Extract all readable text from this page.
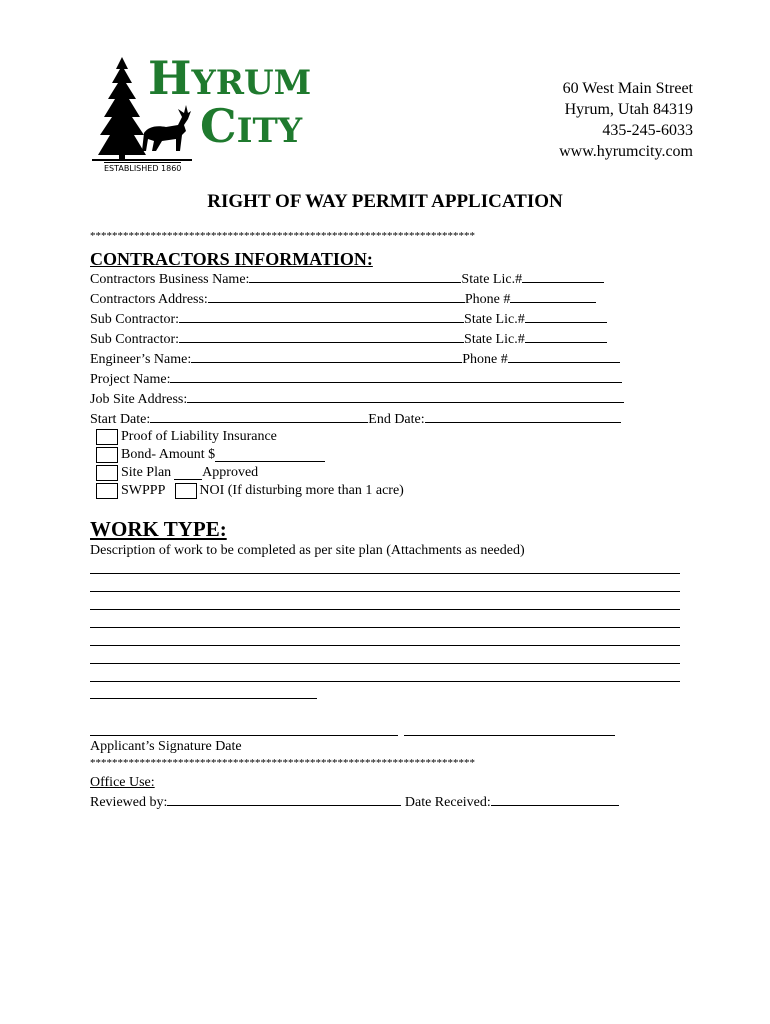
HYRUM
CITY
ESTABLISHED 1860
60 West Main Street
Hyrum, Utah 84319
435-245-6033
www.hyrumcity.com
RIGHT OF WAY PERMIT APPLICATION
**********************************************************************
CONTRACTORS INFORMATION:
Contractors Business Name:	State Lic.#
Contractors Address:	Phone #
Sub Contractor:	State Lic.#
Sub Contractor:	State Lic.#
Engineer’s Name:	Phone #
Project Name:
Job Site Address:
Start Date:	End Date:
Proof of Liability Insurance
Bond- Amount $
Site Plan Approved
SWPPP NOI (If disturbing more than 1 acre)
WORK TYPE:
Description of work to be completed as per site plan (Attachments as needed)
Applicant’s Signature Date
**********************************************************************
Office Use:
Reviewed by:	Date Received:
